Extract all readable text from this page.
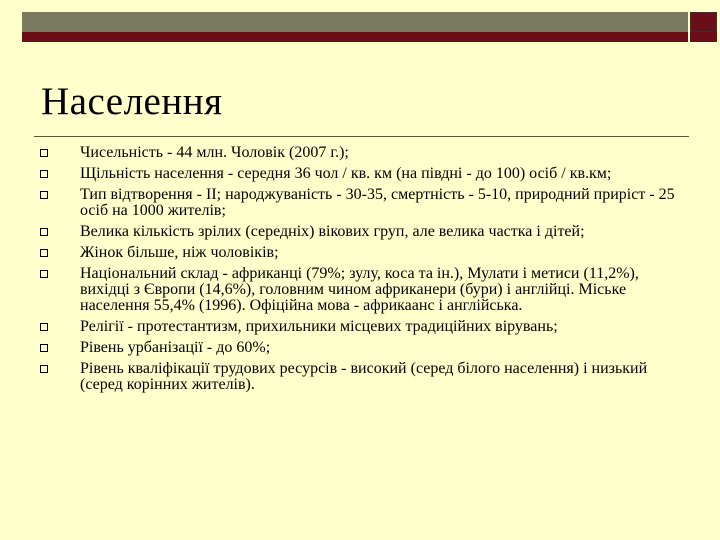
Населення
Чисельність - 44 млн. Чоловік (2007 г.);
Щільність населення - середня 36 чол / кв. км (на півдні - до 100) осіб / кв.км;
Тип відтворення - II; народжуваність - 30-35, смертність - 5-10, природний приріст - 25 осіб на 1000 жителів;
Велика кількість зрілих (середніх) вікових груп, але велика частка і дітей;
Жінок більше, ніж чоловіків;
Національний склад - африканці (79%; зулу, коса та ін.), Мулати і метиси (11,2%), вихідці з Європи (14,6%), головним чином африканери (бури) і англійці. Міське населення 55,4% (1996). Офіційна мова - африкаанс і англійська.
Релігії - протестантизм, прихильники місцевих традиційних вірувань;
Рівень урбанізації - до 60%;
Рівень кваліфікації трудових ресурсів - високий (серед білого населення) і низький (серед корінних жителів).
